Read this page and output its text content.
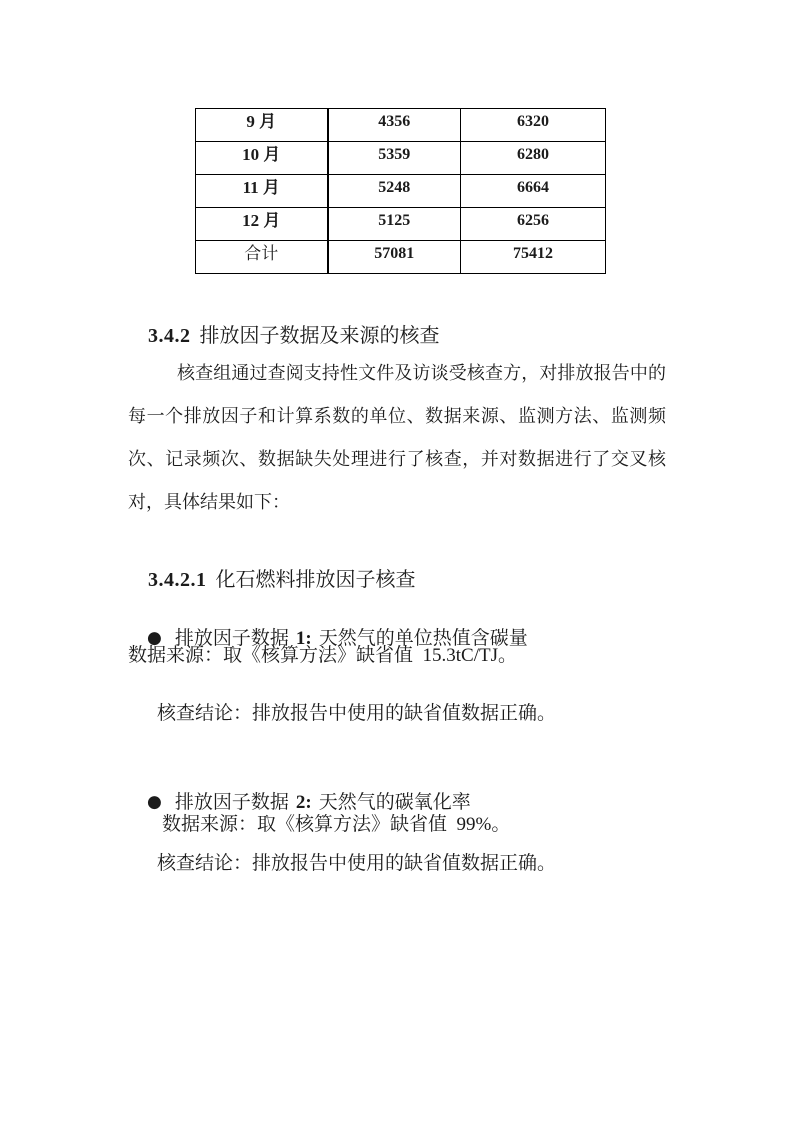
9 月	4356	6320
10 月	5359	6280
11 月	5248	6664
12 月	5125	6256
合计	57081	75412

3.4.2 排放因子数据及来源的核查

核查组通过查阅支持性文件及访谈受核查方，对排放报告中的
每一个排放因子和计算系数的单位、数据来源、监测方法、监测频
次、记录频次、数据缺失处理进行了核查，并对数据进行了交叉核
对，具体结果如下：

3.4.2.1 化石燃料排放因子核查

● 排放因子数据 1: 天然气的单位热值含碳量

数据来源：取《核算方法》缺省值  15.3tC/TJ。
核查结论：排放报告中使用的缺省值数据正确。

● 排放因子数据 2: 天然气的碳氧化率

数据来源：取《核算方法》缺省值  99%。
核查结论：排放报告中使用的缺省值数据正确。
